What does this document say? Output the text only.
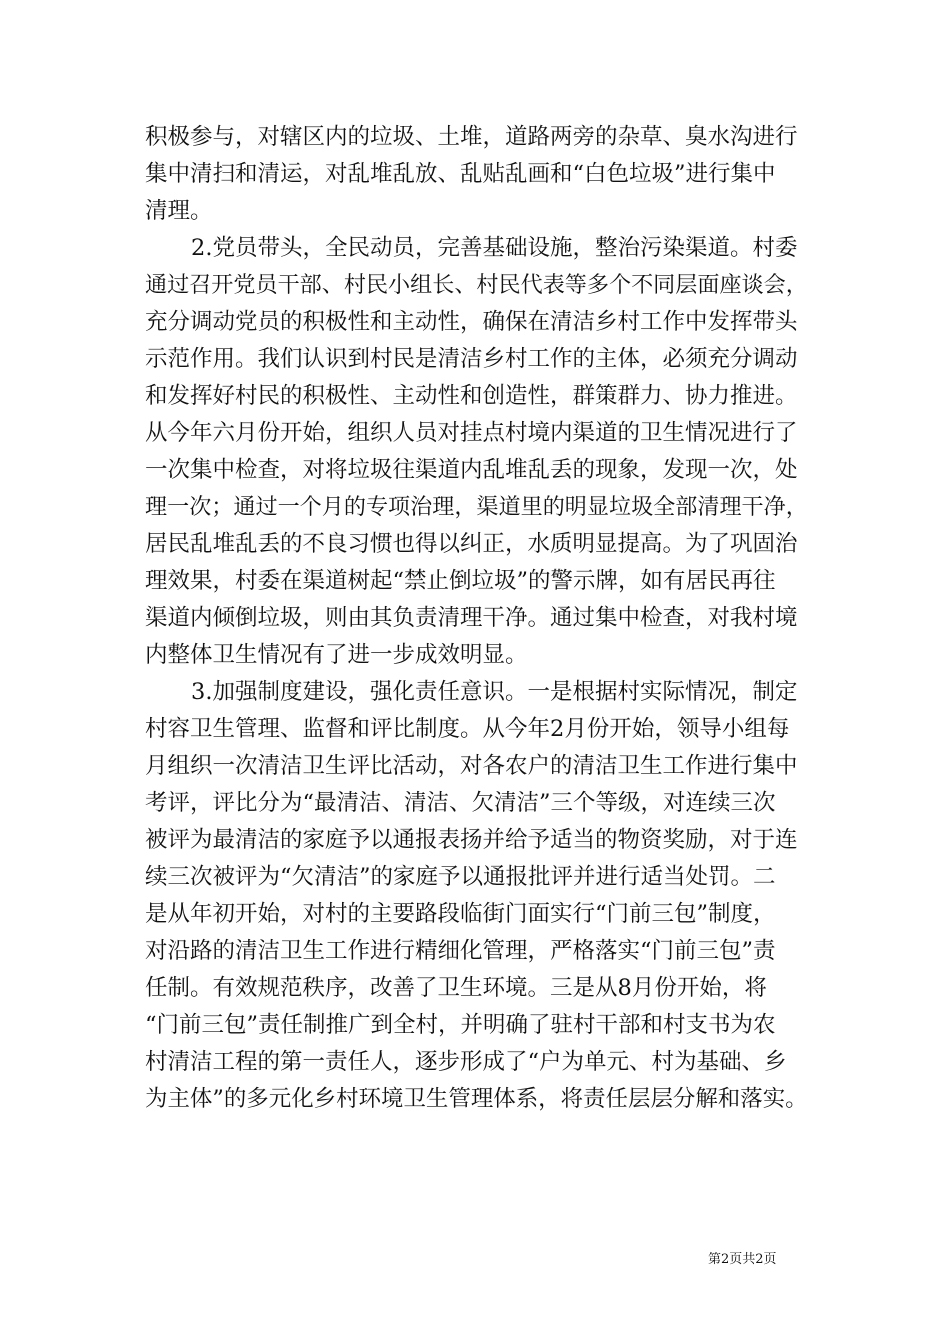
积极参与，对辖区内的垃圾、土堆，道路两旁的杂草、臭水沟进行
集中清扫和清运，对乱堆乱放、乱贴乱画和“白色垃圾”进行集中
清理。
2.党员带头，全民动员，完善基础设施，整治污染渠道。村委
通过召开党员干部、村民小组长、村民代表等多个不同层面座谈会，
充分调动党员的积极性和主动性，确保在清洁乡村工作中发挥带头
示范作用。我们认识到村民是清洁乡村工作的主体，必须充分调动
和发挥好村民的积极性、主动性和创造性，群策群力、协力推进。
从今年六月份开始，组织人员对挂点村境内渠道的卫生情况进行了
一次集中检查，对将垃圾往渠道内乱堆乱丢的现象，发现一次，处
理一次；通过一个月的专项治理，渠道里的明显垃圾全部清理干净，
居民乱堆乱丢的不良习惯也得以纠正，水质明显提高。为了巩固治
理效果，村委在渠道树起“禁止倒垃圾”的警示牌，如有居民再往
渠道内倾倒垃圾，则由其负责清理干净。通过集中检查，对我村境
内整体卫生情况有了进一步成效明显。
3.加强制度建设，强化责任意识。一是根据村实际情况，制定
村容卫生管理、监督和评比制度。从今年2月份开始，领导小组每
月组织一次清洁卫生评比活动，对各农户的清洁卫生工作进行集中
考评，评比分为“最清洁、清洁、欠清洁”三个等级，对连续三次
被评为最清洁的家庭予以通报表扬并给予适当的物资奖励，对于连
续三次被评为“欠清洁”的家庭予以通报批评并进行适当处罚。二
是从年初开始，对村的主要路段临街门面实行“门前三包”制度，
对沿路的清洁卫生工作进行精细化管理，严格落实“门前三包”责
任制。有效规范秩序，改善了卫生环境。三是从8月份开始，将
“门前三包”责任制推广到全村，并明确了驻村干部和村支书为农
村清洁工程的第一责任人，逐步形成了“户为单元、村为基础、乡
为主体”的多元化乡村环境卫生管理体系，将责任层层分解和落实。
第2页共2页
